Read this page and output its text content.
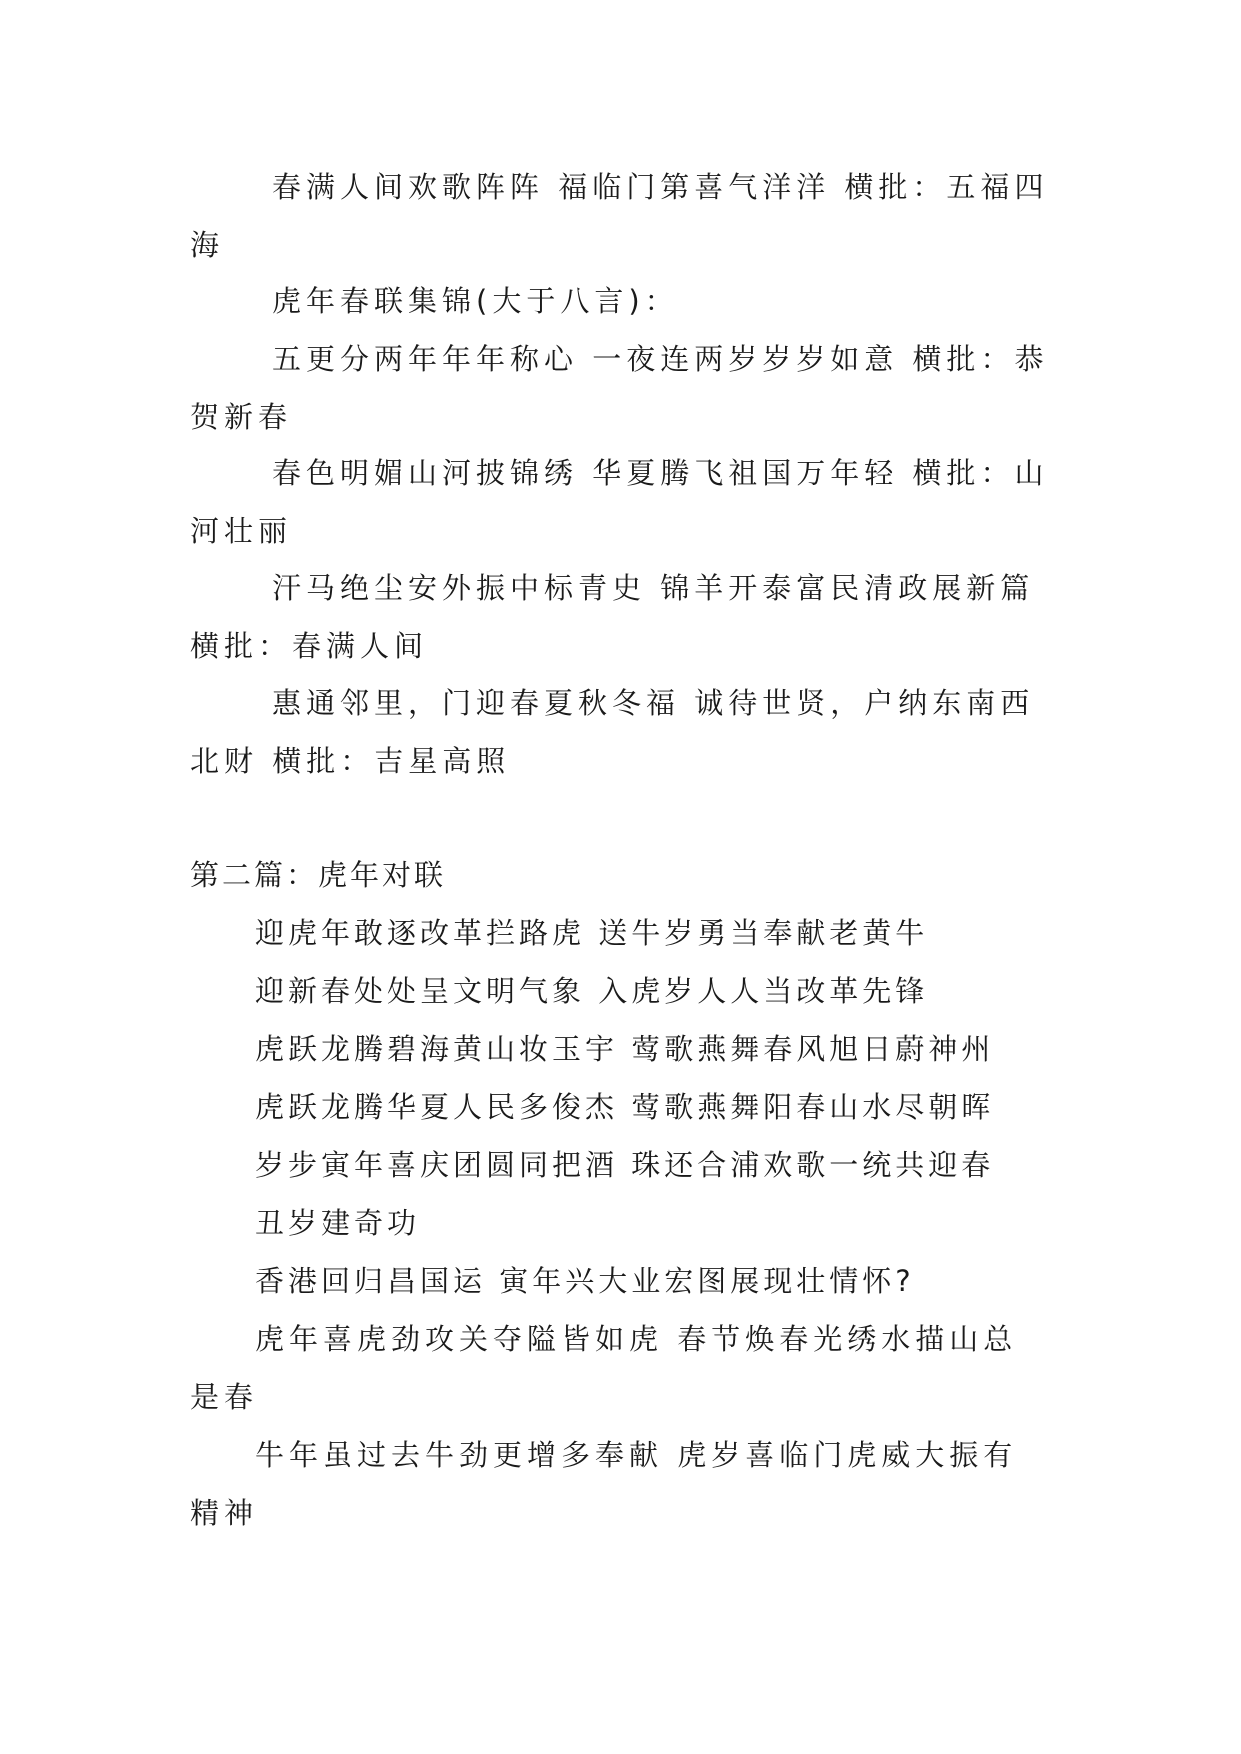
春满人间欢歌阵阵 福临门第喜气洋洋 横批：五福四海

虎年春联集锦(大于八言)：

五更分两年年年称心 一夜连两岁岁岁如意 横批：恭贺新春

春色明媚山河披锦绣 华夏腾飞祖国万年轻 横批：山河壮丽

汗马绝尘安外振中标青史 锦羊开泰富民清政展新篇 横批：春满人间

惠通邻里，门迎春夏秋冬福 诚待世贤，户纳东南西北财 横批：吉星高照

第二篇：虎年对联

迎虎年敢逐改革拦路虎 送牛岁勇当奉献老黄牛

迎新春处处呈文明气象 入虎岁人人当改革先锋

虎跃龙腾碧海黄山妆玉宇 莺歌燕舞春风旭日蔚神州

虎跃龙腾华夏人民多俊杰 莺歌燕舞阳春山水尽朝晖

岁步寅年喜庆团圆同把酒 珠还合浦欢歌一统共迎春

丑岁建奇功

香港回归昌国运 寅年兴大业宏图展现壮情怀?

虎年喜虎劲攻关夺隘皆如虎 春节焕春光绣水描山总是春

牛年虽过去牛劲更增多奉献 虎岁喜临门虎威大振有精神
